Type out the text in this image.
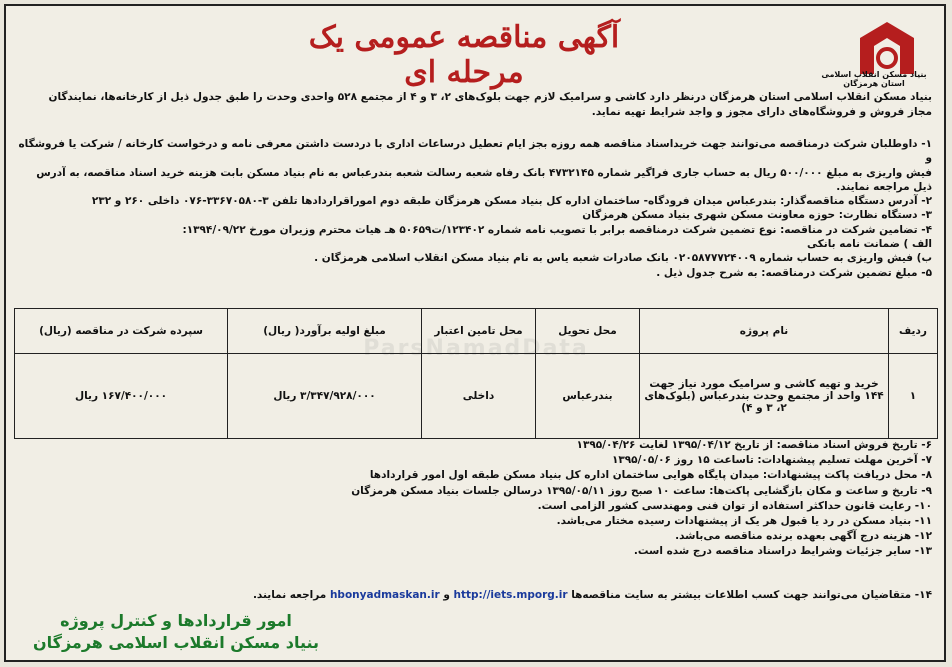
بنیاد مسکن انقلاب اسلامی استان هرمزگان
آگهی مناقصه عمومی یک مرحله ای
ParsNamadData

بنیاد مسکن انقلاب اسلامی استان هرمزگان درنظر دارد کاشی و سرامیک لازم جهت بلوک‌های ۲، ۳ و ۴ از مجتمع ۵۲۸ واحدی وحدت را طبق جدول ذیل از کارخانه‌ها، نمایندگان

مجاز فروش و فروشگاه‌های دارای مجوز و واجد شرایط تهیه نماید.

۱- داوطلبان شرکت درمناقصه می‌توانند جهت خریداسناد مناقصه همه روزه بجز ایام تعطیل درساعات اداری با دردست داشتن معرفی نامه و درخواست کارخانه / شرکت یا فروشگاه و

فیش واریزی به مبلغ ۵۰۰/۰۰۰ ریال به حساب جاری فراگیر شماره ۴۷۳۲۱۴۵ بانک رفاه شعبه رسالت شعبه بندرعباس به نام بنیاد مسکن بابت هزینه خرید اسناد مناقصه، به آدرس

ذیل مراجعه نمایند.

۲- آدرس دستگاه مناقصه‌گذار: بندرعباس میدان فرودگاه- ساختمان اداره کل بنیاد مسکن هرمزگان طبقه دوم اموراقراردادها تلفن ۳-۳۳۶۷۰۵۸۰-۰۷۶ داخلی ۲۶۰ و ۲۳۲

۳- دستگاه نظارت: حوزه معاونت مسکن شهری بنیاد مسکن هرمزگان

۴- تضامین شرکت در مناقصه: نوع تضمین شرکت درمناقصه برابر با تصویب نامه شماره ۱۲۳۴۰۲/ت۵۰۶۵۹ هـ هیات محترم وزیران مورخ ۱۳۹۴/۰۹/۲۲:

الف ) ضمانت نامه بانکی

ب) فیش واریزی به حساب شماره ۰۲۰۵۸۷۷۷۲۴۰۰۹ بانک صادرات شعبه یاس به نام بنیاد مسکن انقلاب اسلامی هرمزگان .

۵- مبلغ تضمین شرکت درمناقصه: به شرح جدول ذیل .

ردیف	نام پروژه	محل تحویل	محل تامین اعتبار	مبلغ اولیه برآورد( ریال)	سپرده شرکت در مناقصه (ریال)
۱	خرید و تهیه کاشی و سرامیک مورد نیاز جهت ۱۴۴ واحد از مجتمع وحدت بندرعباس (بلوک‌های ۲، ۳ و ۴)	بندرعباس	داخلی	۳/۳۴۷/۹۲۸/۰۰۰ ریال	۱۶۷/۴۰۰/۰۰۰ ریال

۶- تاریخ فروش اسناد مناقصه: از تاریخ ۱۳۹۵/۰۴/۱۲ لغایت ۱۳۹۵/۰۴/۲۶

۷- آخرین مهلت تسلیم پیشنهادات: تاساعت ۱۵ روز ۱۳۹۵/۰۵/۰۶

۸- محل دریافت پاکت پیشنهادات: میدان پایگاه هوایی ساختمان اداره کل بنیاد مسکن طبقه اول امور قراردادها

۹- تاریخ و ساعت و مکان بازگشایی پاکت‌ها: ساعت ۱۰ صبح روز ۱۳۹۵/۰۵/۱۱ درسالن جلسات بنیاد مسکن هرمزگان

۱۰- رعایت قانون حداکثر استفاده از توان فنی ومهندسی کشور الزامی است.

۱۱- بنیاد مسکن در رد یا قبول هر یک از پیشنهادات رسیده مختار می‌باشد.

۱۲- هزینه درج آگهی بعهده برنده مناقصه می‌باشد.

۱۳- سایر جزئیات وشرایط دراسناد مناقصه درج شده است.

۱۴- متقاضیان می‌توانند جهت کسب اطلاعات بیشتر به سایت مناقصه‌ها http://iets.mporg.ir و hbonyadmaskan.ir مراجعه نمایند.
امور قراردادها و کنترل پروژه
بنیاد مسکن انقلاب اسلامی هرمزگان
